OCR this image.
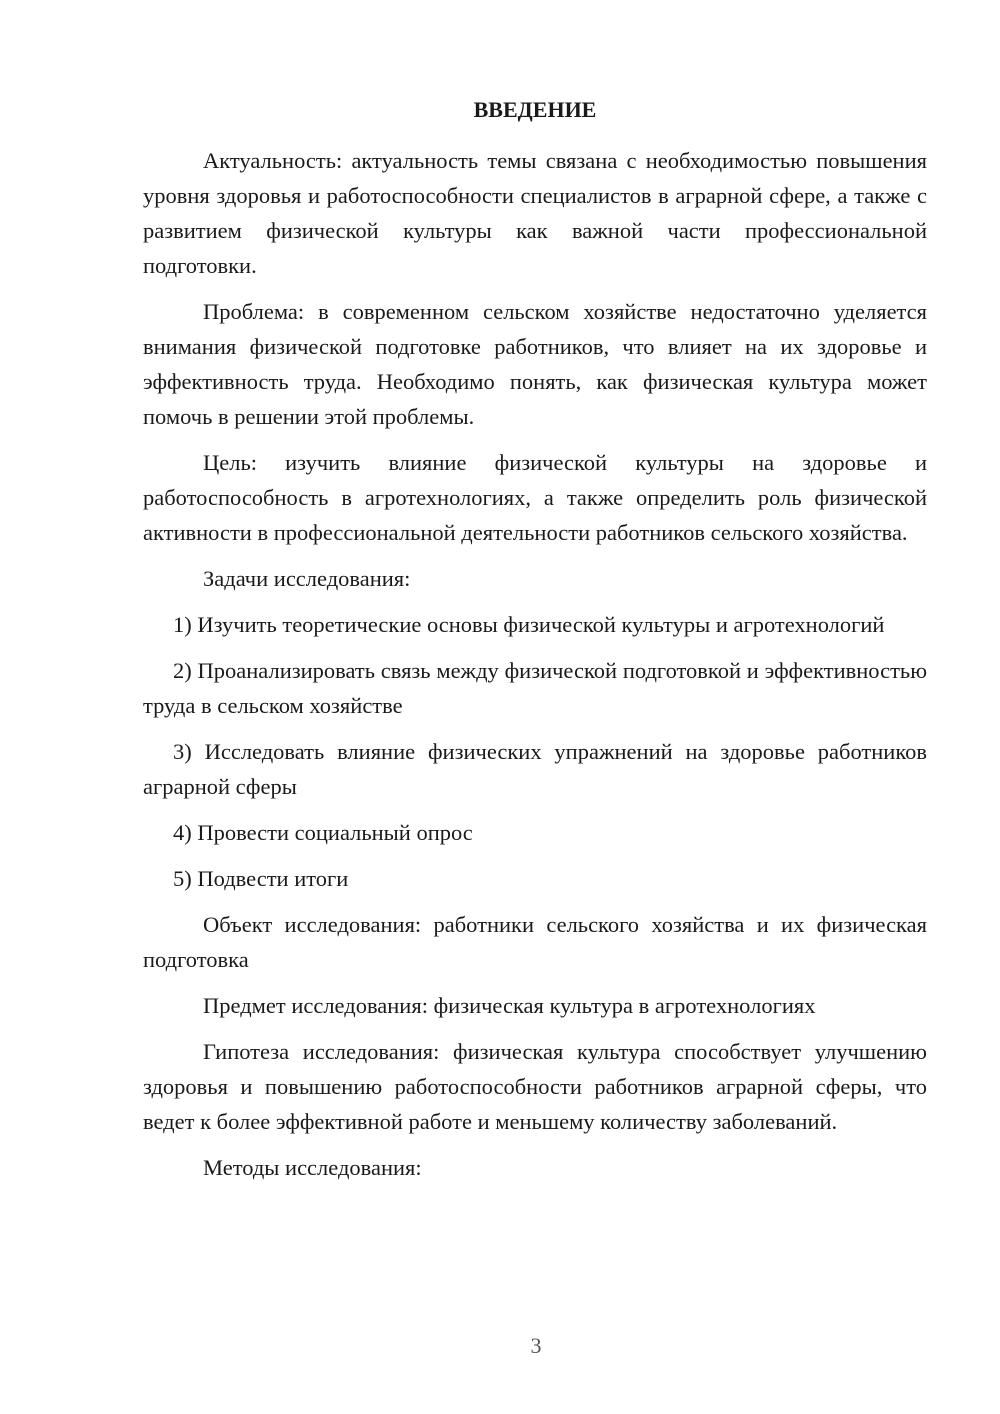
ВВЕДЕНИЕ
Актуальность: актуальность темы связана с необходимостью повышения уровня здоровья и работоспособности специалистов в аграрной сфере, а также с развитием физической культуры как важной части профессиональной подготовки.
Проблема: в современном сельском хозяйстве недостаточно уделяется внимания физической подготовке работников, что влияет на их здоровье и эффективность труда. Необходимо понять, как физическая культура может помочь в решении этой проблемы.
Цель: изучить влияние физической культуры на здоровье и работоспособность в агротехнологиях, а также определить роль физической активности в профессиональной деятельности работников сельского хозяйства.
Задачи исследования:
1) Изучить теоретические основы физической культуры и агротехнологий
2) Проанализировать связь между физической подготовкой и эффективностью труда в сельском хозяйстве
3) Исследовать влияние физических упражнений на здоровье работников аграрной сферы
4) Провести социальный опрос
5) Подвести итоги
Объект исследования: работники сельского хозяйства и их физическая подготовка
Предмет исследования: физическая культура в агротехнологиях
Гипотеза исследования: физическая культура способствует улучшению здоровья и повышению работоспособности работников аграрной сферы, что ведет к более эффективной работе и меньшему количеству заболеваний.
Методы исследования:
3
